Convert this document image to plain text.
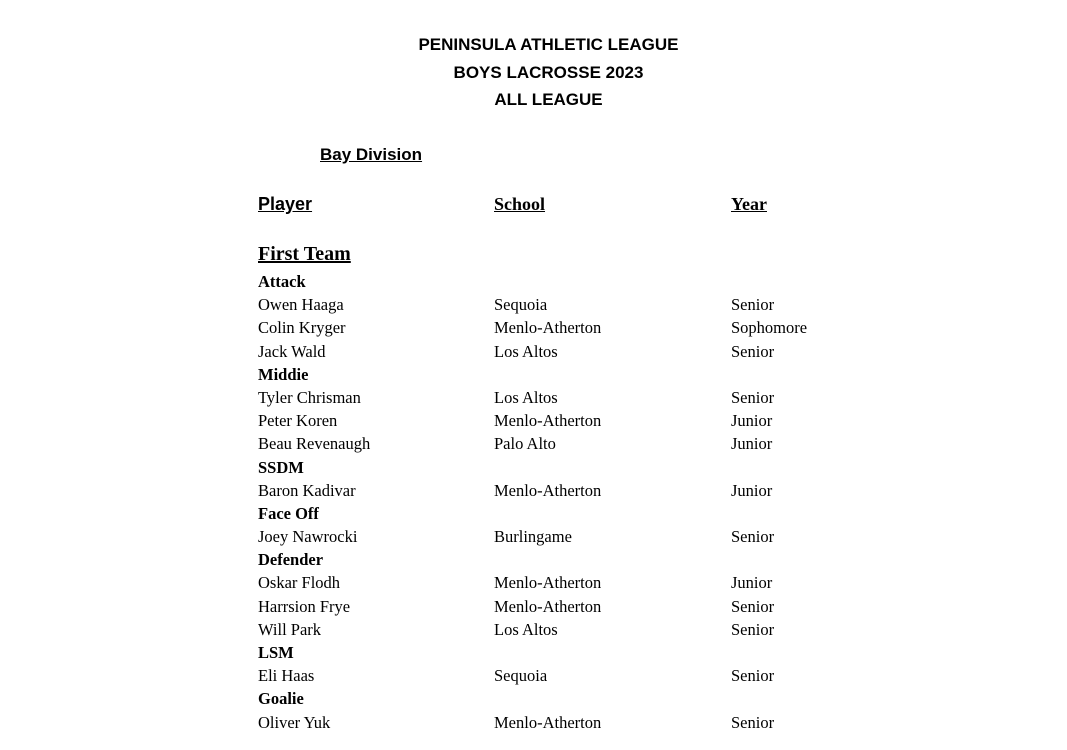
PENINSULA ATHLETIC LEAGUE
BOYS LACROSSE 2023
ALL LEAGUE
Bay Division
Player	School	Year
First Team
Attack
Owen Haaga	Sequoia	Senior
Colin Kryger	Menlo-Atherton	Sophomore
Jack Wald	Los Altos	Senior
Middie
Tyler Chrisman	Los Altos	Senior
Peter Koren	Menlo-Atherton	Junior
Beau Revenaugh	Palo Alto	Junior
SSDM
Baron Kadivar	Menlo-Atherton	Junior
Face Off
Joey Nawrocki	Burlingame	Senior
Defender
Oskar Flodh	Menlo-Atherton	Junior
Harrsion Frye	Menlo-Atherton	Senior
Will Park	Los Altos	Senior
LSM
Eli Haas	Sequoia	Senior
Goalie
Oliver Yuk	Menlo-Atherton	Senior
